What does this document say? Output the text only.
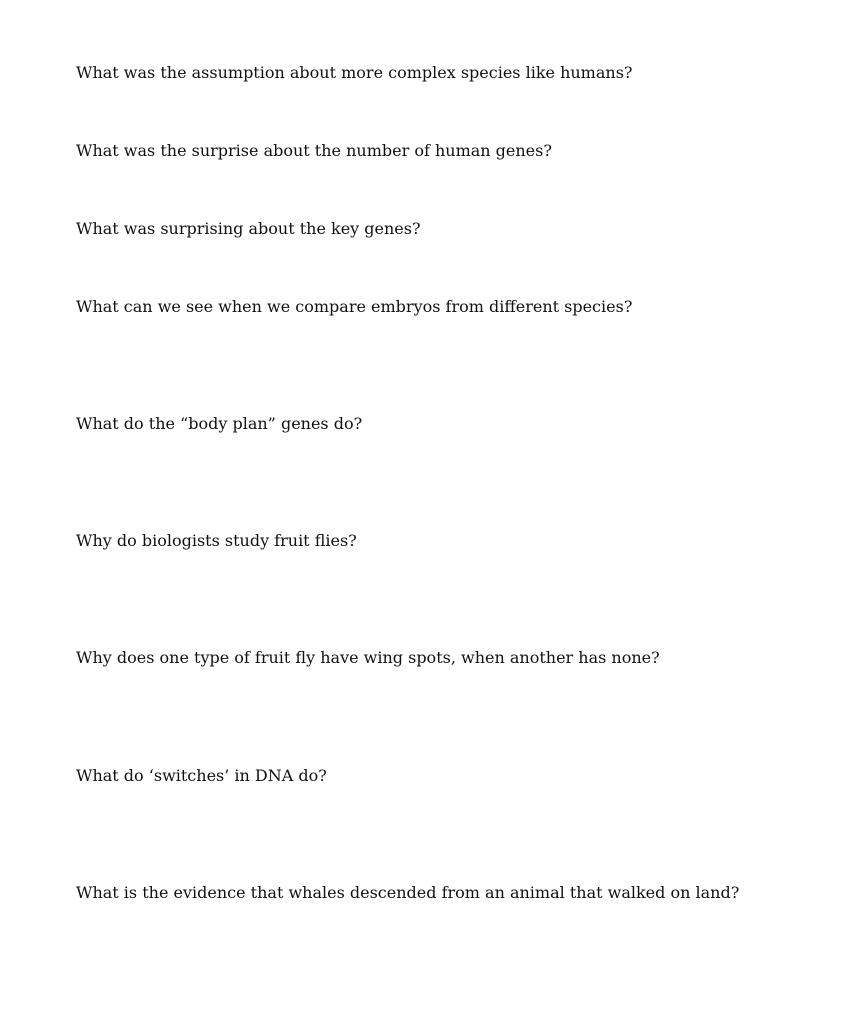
What was the assumption about more complex species like humans?

What was the surprise about the number of human genes?

What was surprising about the key genes?

What can we see when we compare embryos from different species?

What do the “body plan” genes do?

Why do biologists study fruit flies?

Why does one type of fruit fly have wing spots, when another has none?

What do ‘switches’ in DNA do?

What is the evidence that whales descended from an animal that walked on land?
